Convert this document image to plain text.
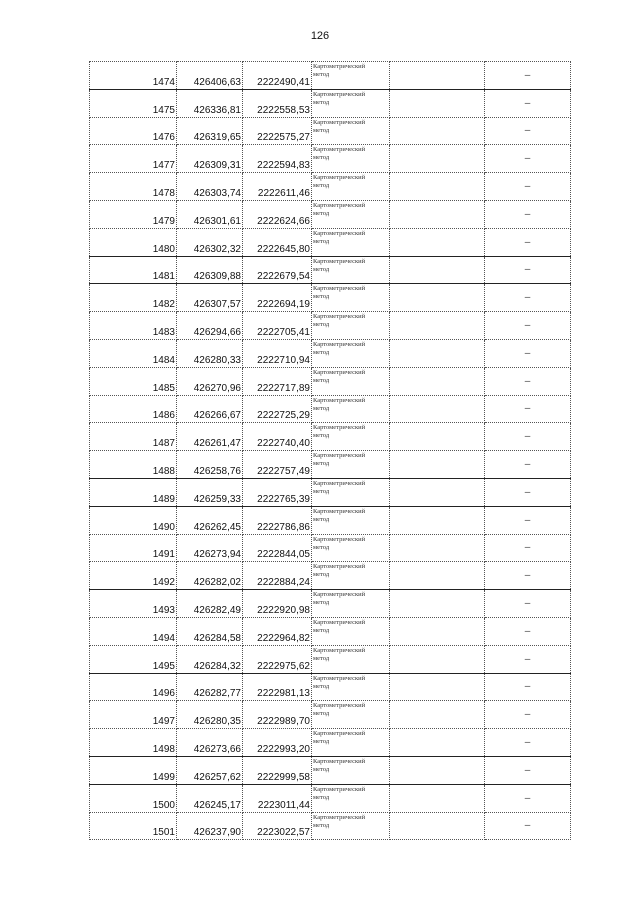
126
1474	426406,63	2222490,41	Картометрический
метод		–
1475	426336,81	2222558,53	Картометрический
метод		–
1476	426319,65	2222575,27	Картометрический
метод		–
1477	426309,31	2222594,83	Картометрический
метод		–
1478	426303,74	2222611,46	Картометрический
метод		–
1479	426301,61	2222624,66	Картометрический
метод		–
1480	426302,32	2222645,80	Картометрический
метод		–
1481	426309,88	2222679,54	Картометрический
метод		–
1482	426307,57	2222694,19	Картометрический
метод		–
1483	426294,66	2222705,41	Картометрический
метод		–
1484	426280,33	2222710,94	Картометрический
метод		–
1485	426270,96	2222717,89	Картометрический
метод		–
1486	426266,67	2222725,29	Картометрический
метод		–
1487	426261,47	2222740,40	Картометрический
метод		–
1488	426258,76	2222757,49	Картометрический
метод		–
1489	426259,33	2222765,39	Картометрический
метод		–
1490	426262,45	2222786,86	Картометрический
метод		–
1491	426273,94	2222844,05	Картометрический
метод		–
1492	426282,02	2222884,24	Картометрический
метод		–
1493	426282,49	2222920,98	Картометрический
метод		–
1494	426284,58	2222964,82	Картометрический
метод		–
1495	426284,32	2222975,62	Картометрический
метод		–
1496	426282,77	2222981,13	Картометрический
метод		–
1497	426280,35	2222989,70	Картометрический
метод		–
1498	426273,66	2222993,20	Картометрический
метод		–
1499	426257,62	2222999,58	Картометрический
метод		–
1500	426245,17	2223011,44	Картометрический
метод		–
1501	426237,90	2223022,57	Картометрический
метод		–
